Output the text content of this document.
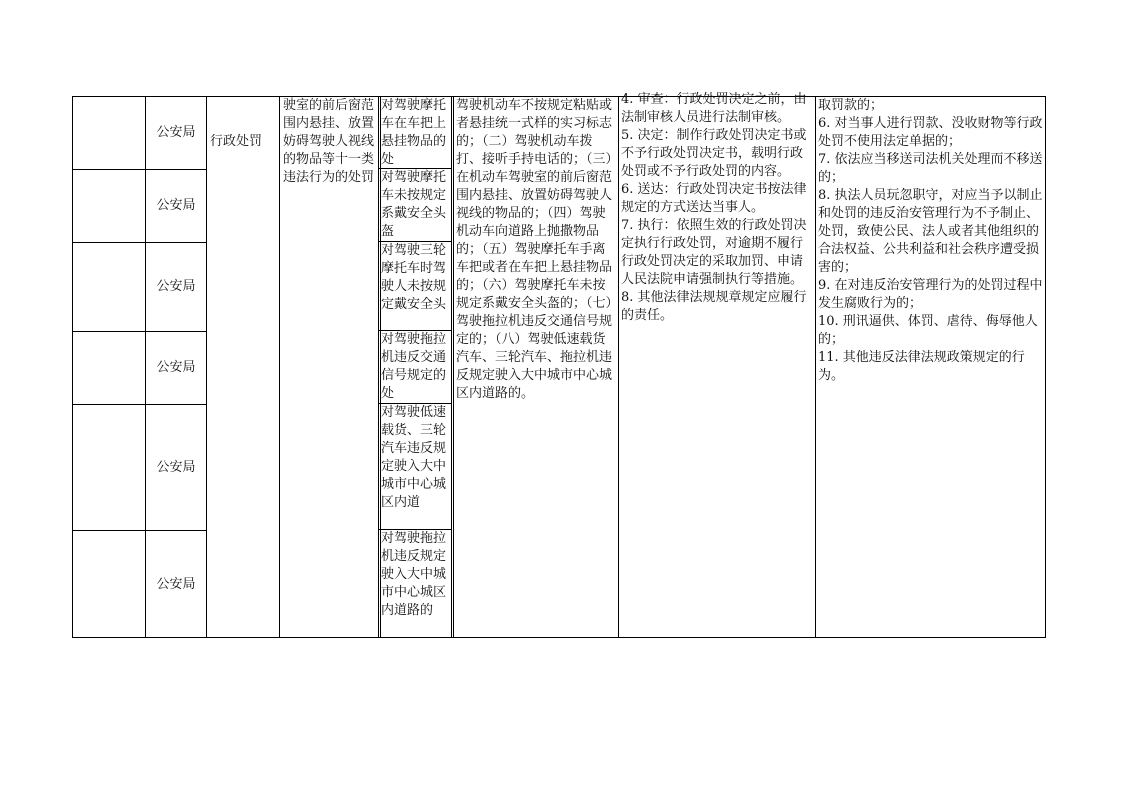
公安局
公安局
公安局
公安局
公安局
公安局
行政处罚
驶室的前后窗范围内悬挂、放置妨碍驾驶人视线的物品等十一类违法行为的处罚
对驾驶摩托车在车把上悬挂物品的处
对驾驶摩托车未按规定系戴安全头盔
对驾驶三轮摩托车时驾驶人未按规定戴安全头
对驾驶拖拉机违反交通信号规定的处
对驾驶低速载货、三轮汽车违反规定驶入大中城市中心城区内道
对驾驶拖拉机违反规定驶入大中城市中心城区内道路的
驾驶机动车不按规定粘贴或者悬挂统一式样的实习标志的；（二）驾驶机动车拨打、接听手持电话的；（三）在机动车驾驶室的前后窗范围内悬挂、放置妨碍驾驶人视线的物品的；（四）驾驶机动车向道路上抛撒物品的；（五）驾驶摩托车手离车把或者在车把上悬挂物品的；（六）驾驶摩托车未按规定系戴安全头盔的；（七）驾驶拖拉机违反交通信号规定的；（八）驾驶低速载货汽车、三轮汽车、拖拉机违反规定驶入大中城市中心城区内道路的。
4. 审查：行政处罚决定之前，由法制审核人员进行法制审核。
5. 决定：制作行政处罚决定书或不予行政处罚决定书，载明行政处罚或不予行政处罚的内容。
6. 送达：行政处罚决定书按法律规定的方式送达当事人。
7. 执行：依照生效的行政处罚决定执行行政处罚，对逾期不履行行政处罚决定的采取加罚、申请人民法院申请强制执行等措施。
8. 其他法律法规规章规定应履行的责任。
取罚款的；
6. 对当事人进行罚款、没收财物等行政处罚不使用法定单据的；
7. 依法应当移送司法机关处理而不移送的；
8. 执法人员玩忽职守，对应当予以制止和处罚的违反治安管理行为不予制止、处罚，致使公民、法人或者其他组织的合法权益、公共利益和社会秩序遭受损害的；
9. 在对违反治安管理行为的处罚过程中发生腐败行为的；
10. 刑讯逼供、体罚、虐待、侮辱他人的；
11. 其他违反法律法规政策规定的行为。
